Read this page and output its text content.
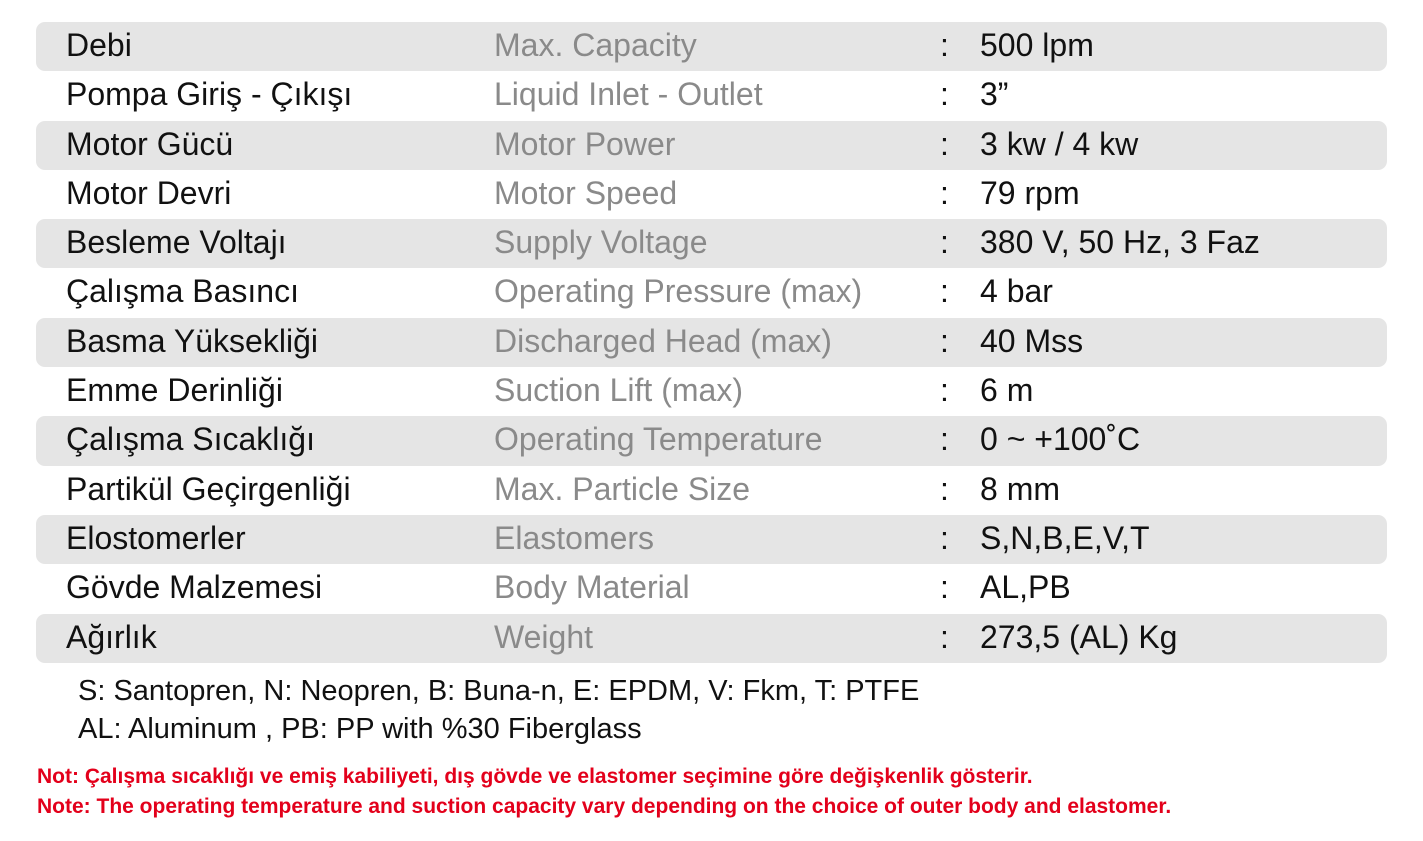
Debi	Max. Capacity	: 500 lpm
Pompa Giriş - Çıkışı	Liquid Inlet - Outlet	: 3”
Motor Gücü	Motor Power	: 3 kw / 4 kw
Motor Devri	Motor Speed	: 79 rpm
Besleme Voltajı	Supply Voltage	: 380 V, 50 Hz, 3 Faz
Çalışma Basıncı	Operating Pressure (max) : 4 bar
Basma Yüksekliği	Discharged Head (max)	: 40 Mss
Emme Derinliği	Suction Lift (max)	: 6 m
Çalışma Sıcaklığı	Operating Temperature	: 0 ~ +100˚C
Partikül Geçirgenliği	Max. Particle Size	: 8 mm
Elostomerler	Elastomers	: S,N,B,E,V,T
Gövde Malzemesi	Body Material	: AL,PB
Ağırlık	Weight	: 273,5 (AL) Kg
S: Santopren, N: Neopren, B: Buna-n, E: EPDM, V: Fkm, T: PTFE
AL: Aluminum , PB: PP with %30 Fiberglass
Not: Çalışma sıcaklığı ve emiş kabiliyeti, dış gövde ve elastomer seçimine göre değişkenlik gösterir.
Note: The operating temperature and suction capacity vary depending on the choice of outer body and elastomer.
